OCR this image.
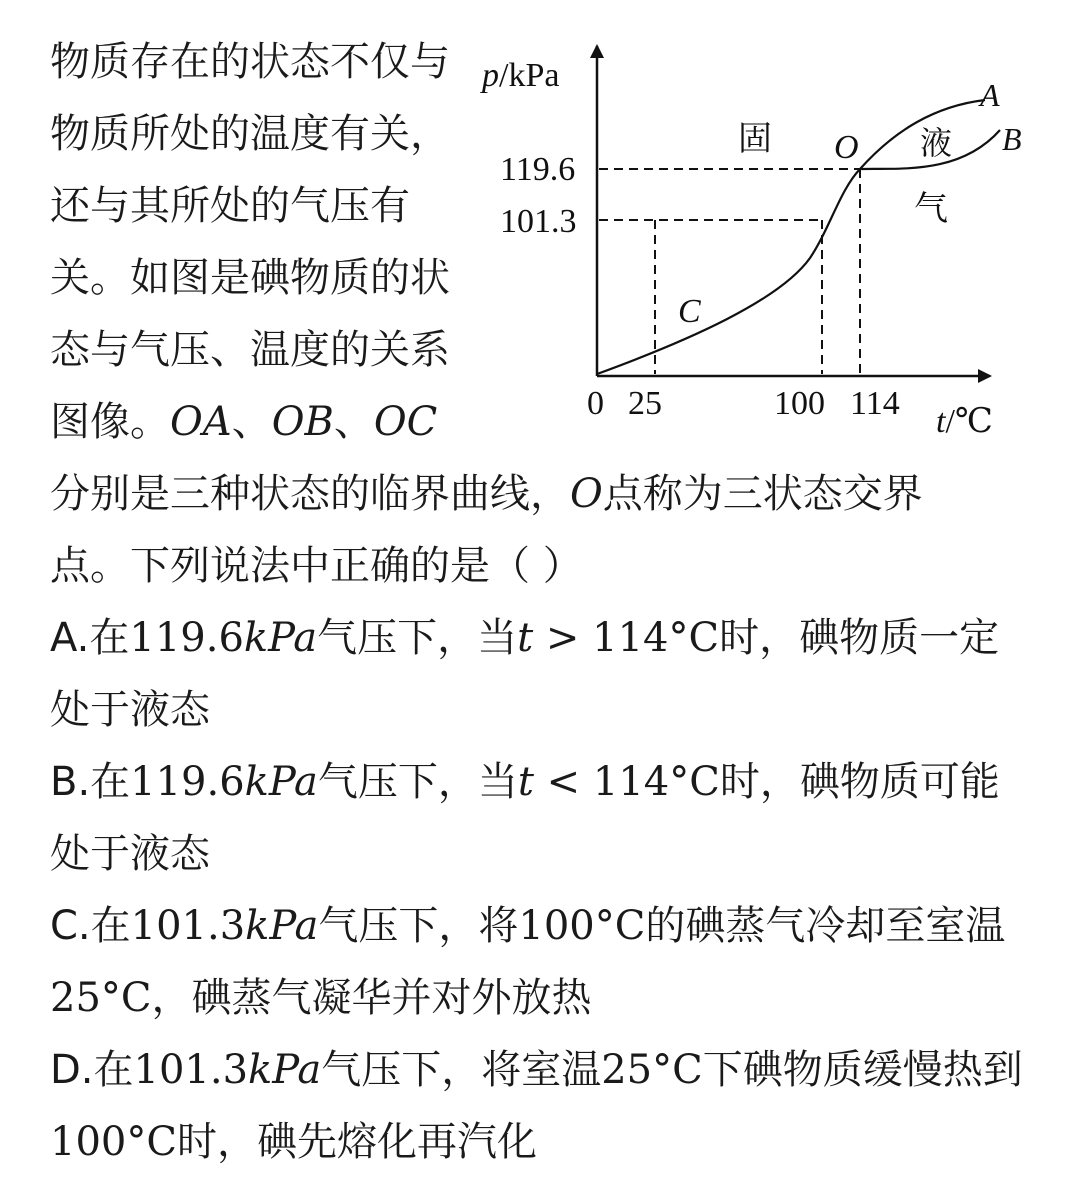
物质存在的状态不仅与
物质所处的温度有关，
还与其所处的气压有
关。如图是碘物质的状
态与气压、温度的关系
图像。OA、OB、OC
分别是三种状态的临界曲线，O点称为三状态交界
点。下列说法中正确的是（ ）
A.在119.6kPa气压下，当t > 114°C时，碘物质一定
处于液态
B.在119.6kPa气压下，当t < 114°C时，碘物质可能
处于液态
C.在101.3kPa气压下，将100°C的碘蒸气冷却至室温
25°C，碘蒸气凝华并对外放热
D.在101.3kPa气压下，将室温25°C下碘物质缓慢热到
100°C时，碘先熔化再汽化
p/kPa
t/℃
119.6
101.3
0 25	100 114
固	液
气
O
A
B
C
